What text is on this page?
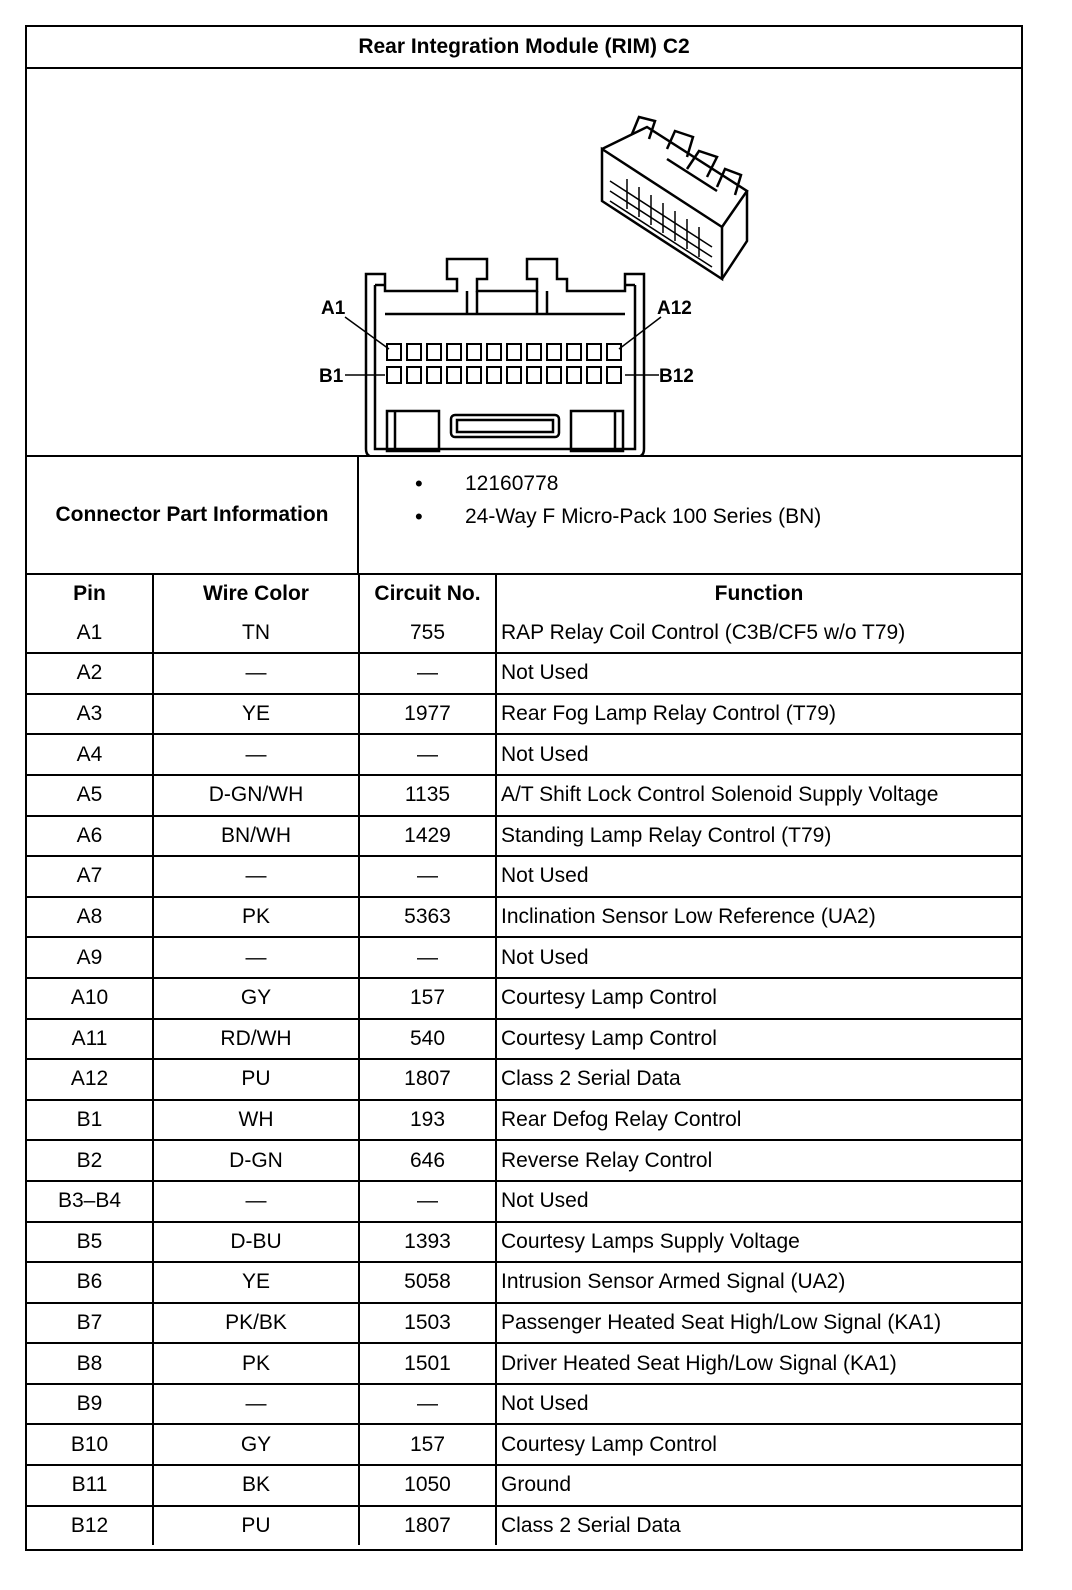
Rear Integration Module (RIM) C2
A1	A12
B1	B12
Connector Part Information
• 12160778
• 24-Way F Micro-Pack 100 Series (BN)
Pin	Wire Color	Circuit No.	Function
A1	TN	755	RAP Relay Coil Control (C3B/CF5 w/o T79)
A2	—	—	Not Used
A3	YE	1977	Rear Fog Lamp Relay Control (T79)
A4	—	—	Not Used
A5	D-GN/WH	1135	A/T Shift Lock Control Solenoid Supply Voltage
A6	BN/WH	1429	Standing Lamp Relay Control (T79)
A7	—	—	Not Used
A8	PK	5363	Inclination Sensor Low Reference (UA2)
A9	—	—	Not Used
A10	GY	157	Courtesy Lamp Control
A11	RD/WH	540	Courtesy Lamp Control
A12	PU	1807	Class 2 Serial Data
B1	WH	193	Rear Defog Relay Control
B2	D-GN	646	Reverse Relay Control
B3–B4	—	—	Not Used
B5	D-BU	1393	Courtesy Lamps Supply Voltage
B6	YE	5058	Intrusion Sensor Armed Signal (UA2)
B7	PK/BK	1503	Passenger Heated Seat High/Low Signal (KA1)
B8	PK	1501	Driver Heated Seat High/Low Signal (KA1)
B9	—	—	Not Used
B10	GY	157	Courtesy Lamp Control
B11	BK	1050	Ground
B12	PU	1807	Class 2 Serial Data
